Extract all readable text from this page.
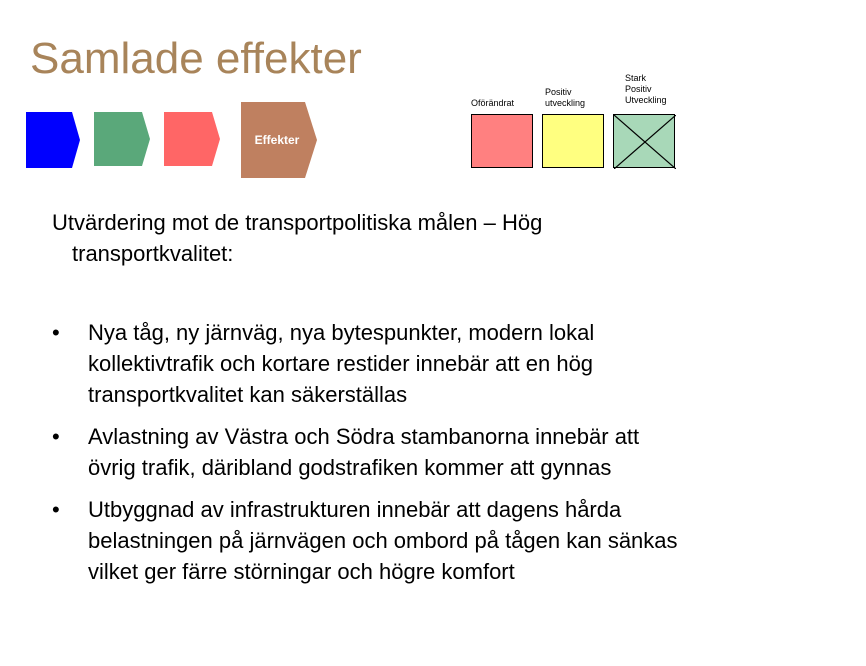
Samlade effekter
Effekter
Oförändrat
Positiv
utveckling
Stark
Positiv
Utveckling

Utvärdering mot de transportpolitiska målen – Hög transportkvalitet:

• Nya tåg, ny järnväg, nya bytespunkter, modern lokal kollektivtrafik och kortare restider innebär att en hög transportkvalitet kan säkerställas
• Avlastning av Västra och Södra stambanorna innebär att övrig trafik, däribland godstrafiken kommer att gynnas
• Utbyggnad av infrastrukturen innebär att dagens hårda belastningen på järnvägen och ombord på tågen kan sänkas vilket ger färre störningar och högre komfort
